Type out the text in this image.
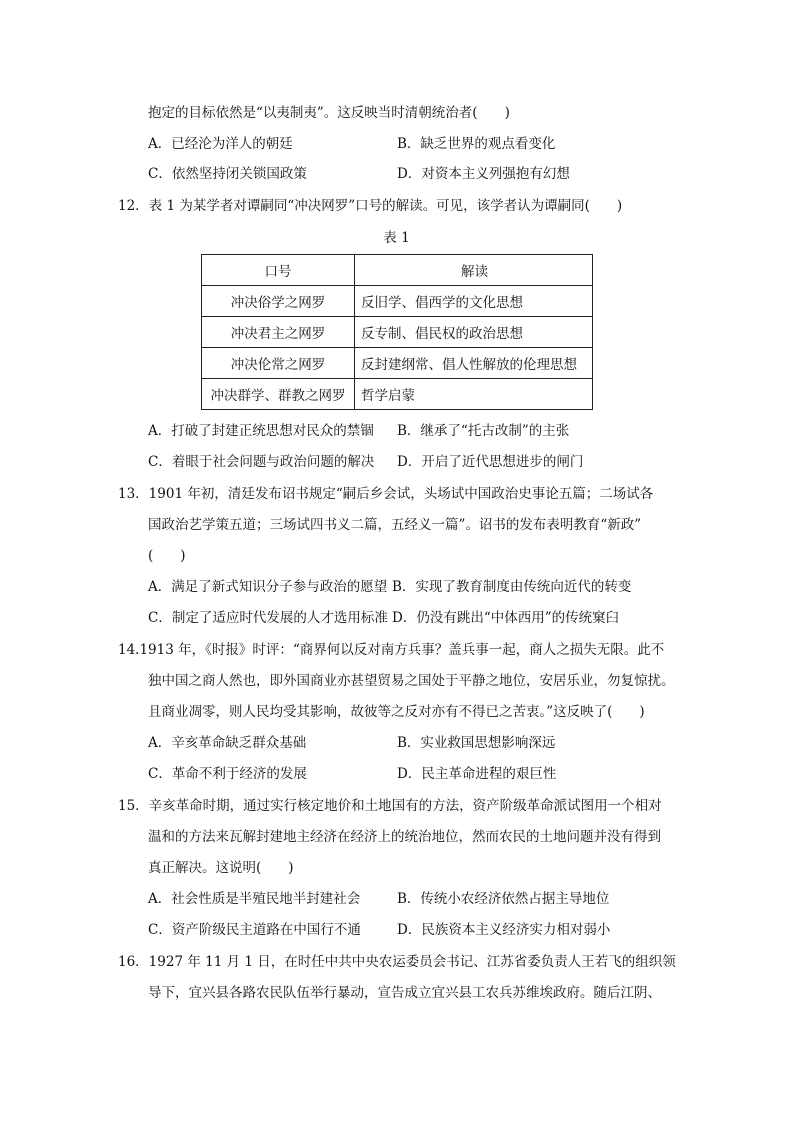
抱定的目标依然是“以夷制夷”。这反映当时清朝统治者(　　)
A．已经沦为洋人的朝廷	B．缺乏世界的观点看变化
C．依然坚持闭关锁国政策	D．对资本主义列强抱有幻想
12．表 1 为某学者对谭嗣同“冲决网罗”口号的解读。可见，该学者认为谭嗣同(　　)
表 1
口号	解读
冲决俗学之网罗	反旧学、倡西学的文化思想
冲决君主之网罗	反专制、倡民权的政治思想
冲决伦常之网罗	反封建纲常、倡人性解放的伦理思想
冲决群学、群教之网罗	哲学启蒙
A．打破了封建正统思想对民众的禁锢 B．继承了“托古改制”的主张
C．着眼于社会问题与政治问题的解决 D．开启了近代思想进步的闸门
13．1901 年初，清廷发布诏书规定“嗣后乡会试，头场试中国政治史事论五篇；二场试各
国政治艺学策五道；三场试四书义二篇，五经义一篇”。诏书的发布表明教育“新政”
(　　)
A．满足了新式知识分子参与政治的愿望 B．实现了教育制度由传统向近代的转变
C．制定了适应时代发展的人才选用标准 D．仍没有跳出“中体西用”的传统窠臼
14.1913 年，《时报》时评：“商界何以反对南方兵事？盖兵事一起，商人之损失无限。此不
独中国之商人然也，即外国商业亦甚望贸易之国处于平静之地位，安居乐业，勿复惊扰。
且商业凋零，则人民均受其影响，故彼等之反对亦有不得已之苦衷。”这反映了(　　)
A．辛亥革命缺乏群众基础	B．实业救国思想影响深远
C．革命不利于经济的发展	D．民主革命进程的艰巨性
15．辛亥革命时期，通过实行核定地价和土地国有的方法，资产阶级革命派试图用一个相对
温和的方法来瓦解封建地主经济在经济上的统治地位，然而农民的土地问题并没有得到
真正解决。这说明(　　)
A．社会性质是半殖民地半封建社会	B．传统小农经济依然占据主导地位
C．资产阶级民主道路在中国行不通	D．民族资本主义经济实力相对弱小
16．1927 年 11 月 1 日，在时任中共中央农运委员会书记、江苏省委负责人王若飞的组织领
导下，宜兴县各路农民队伍举行暴动，宣告成立宜兴县工农兵苏维埃政府。随后江阴、
